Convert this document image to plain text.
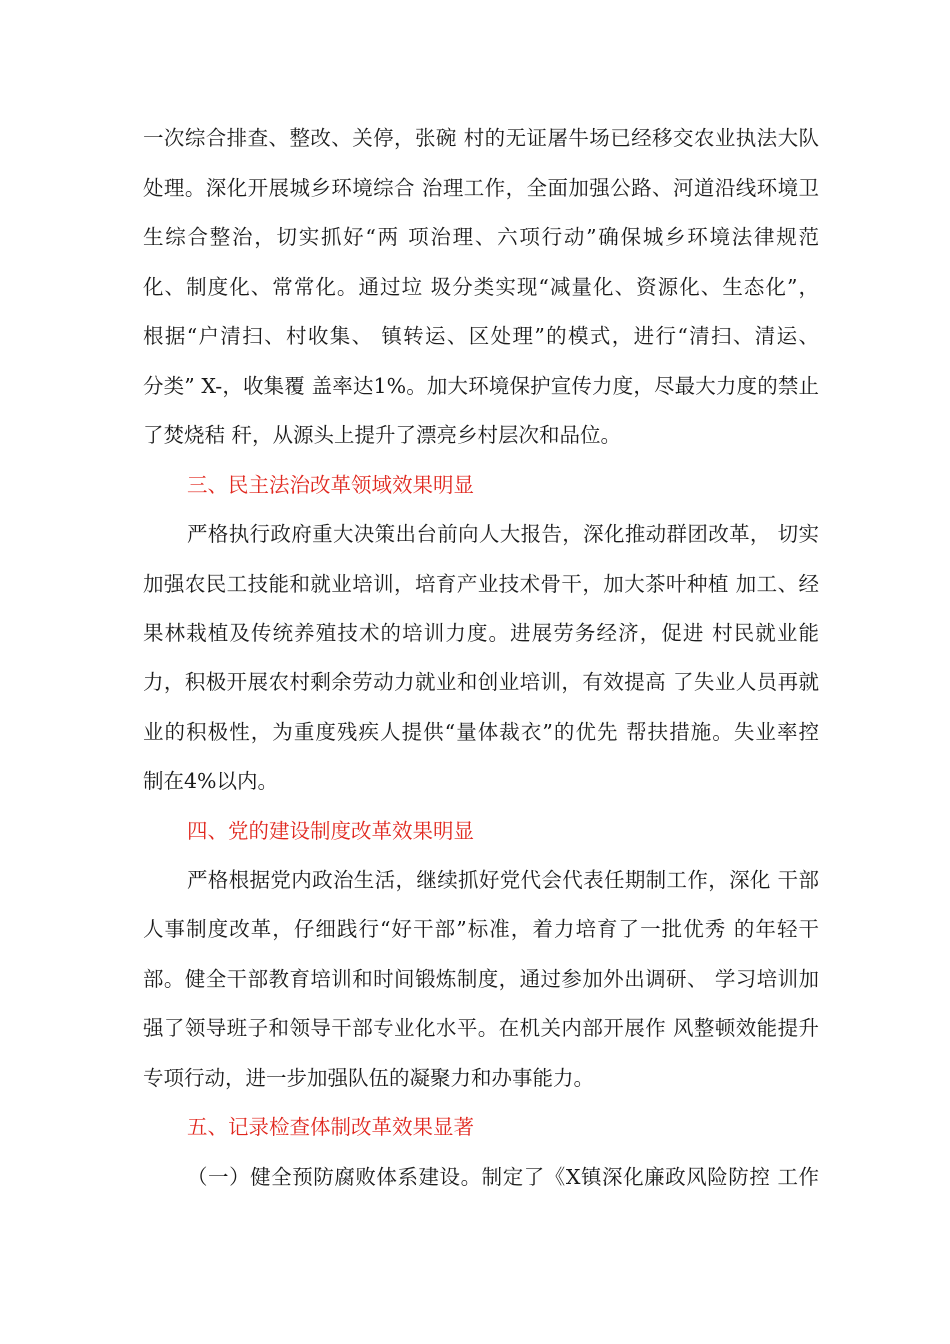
一次综合排查、整改、关停，张碗 村的无证屠牛场已经移交农业执法大队
处理。深化开展城乡环境综合 治理工作，全面加强公路、河道沿线环境卫
生综合整治，切实抓好“两 项治理、六项行动”确保城乡环境法律规范
化、制度化、常常化。通过垃 圾分类实现“减量化、资源化、生态化”，
根据“户清扫、村收集、 镇转运、区处理”的模式，进行“清扫、清运、
分类” X-，收集覆 盖率达1%。加大环境保护宣传力度，尽最大力度的禁止
了焚烧秸 秆，从源头上提升了漂亮乡村层次和品位。
三、民主法治改革领域效果明显
严格执行政府重大决策出台前向人大报告，深化推动群团改革， 切实
加强农民工技能和就业培训，培育产业技术骨干，加大茶叶种植 加工、经
果林栽植及传统养殖技术的培训力度。进展劳务经济，促进 村民就业能
力，积极开展农村剩余劳动力就业和创业培训，有效提高 了失业人员再就
业的积极性，为重度残疾人提供“量体裁衣”的优先 帮扶措施。失业率控
制在4%以内。
四、党的建设制度改革效果明显
严格根据党内政治生活，继续抓好党代会代表任期制工作，深化 干部
人事制度改革，仔细践行“好干部”标准，着力培育了一批优秀 的年轻干
部。健全干部教育培训和时间锻炼制度，通过参加外出调研、 学习培训加
强了领导班子和领导干部专业化水平。在机关内部开展作 风整顿效能提升
专项行动，进一步加强队伍的凝聚力和办事能力。
五、记录检查体制改革效果显著
（一）健全预防腐败体系建设。制定了《X镇深化廉政风险防控 工作
